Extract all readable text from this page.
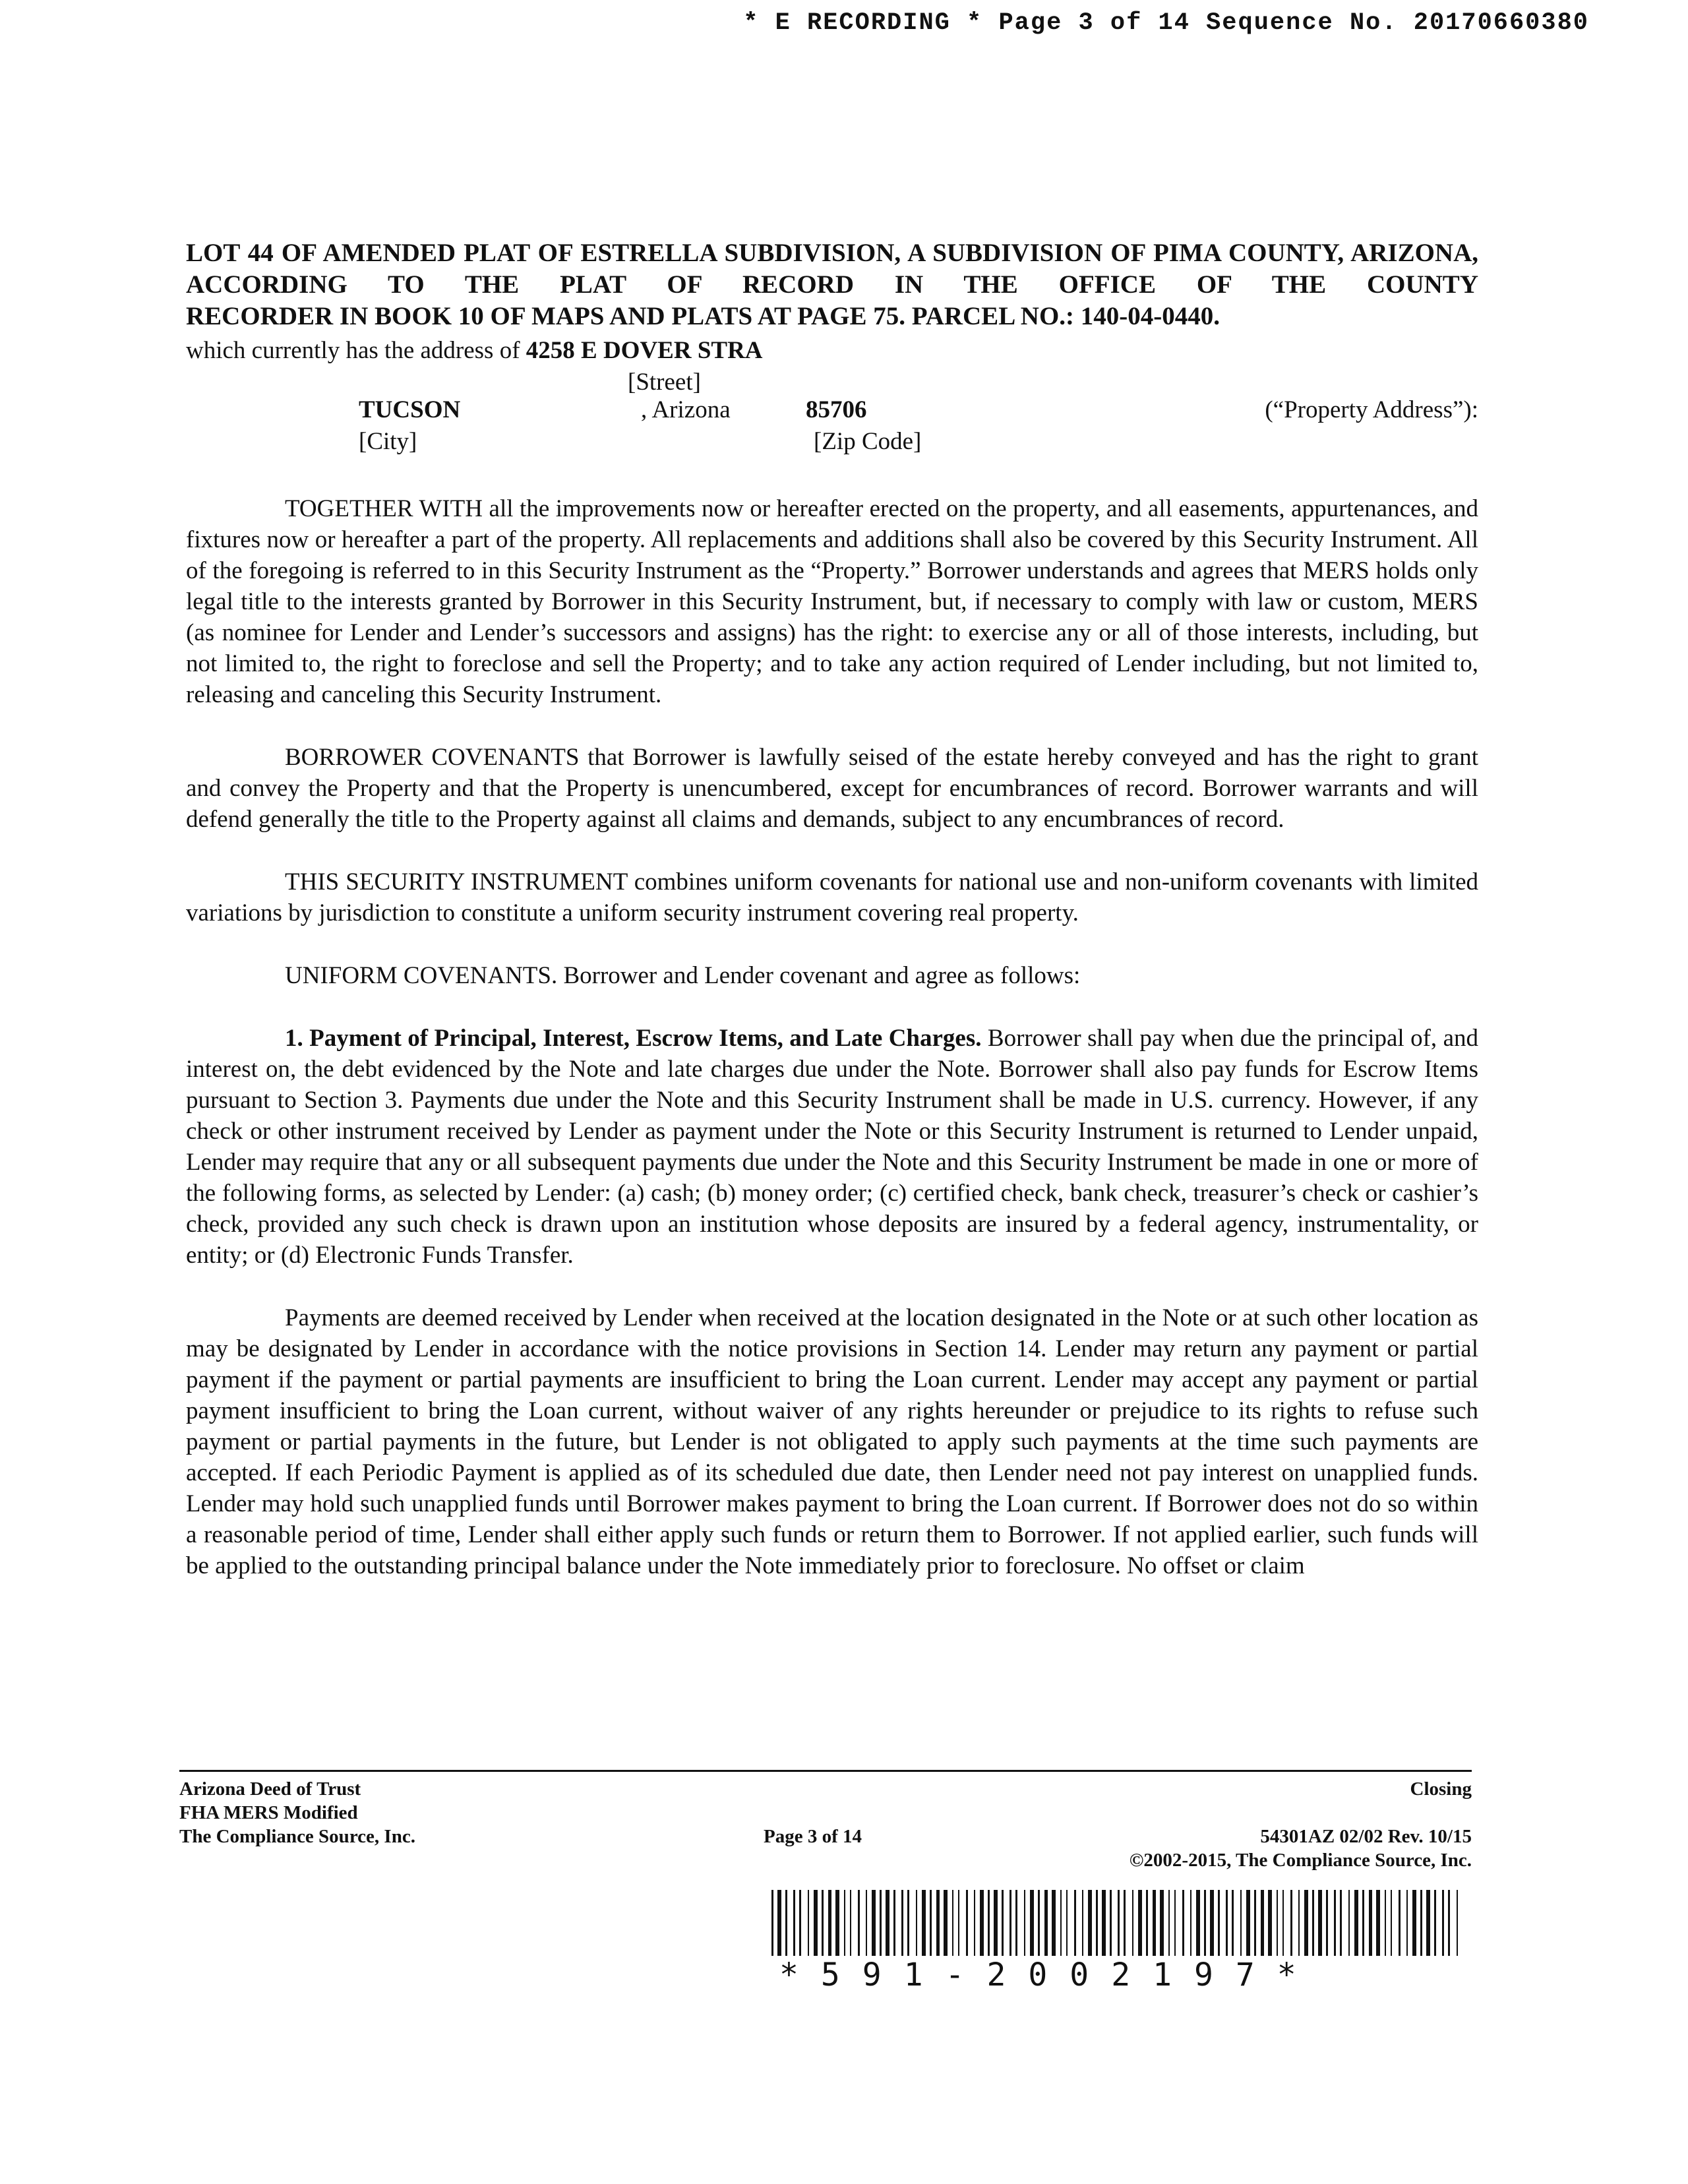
* E RECORDING * Page 3 of 14 Sequence No. 20170660380

LOT 44 OF AMENDED PLAT OF ESTRELLA SUBDIVISION, A SUBDIVISION OF PIMA COUNTY, ARIZONA, ACCORDING TO THE PLAT OF RECORD IN THE OFFICE OF THE COUNTY
RECORDER IN BOOK 10 OF MAPS AND PLATS AT PAGE 75. PARCEL NO.: 140-04-0440.

which currently has the address of 4258 E DOVER STRA
[Street]
TUCSON	, Arizona	85706	(“Property Address”):
[City]	[Zip Code]

TOGETHER WITH all the improvements now or hereafter erected on the property, and all easements, appurtenances, and fixtures now or hereafter a part of the property. All replacements and additions shall also be covered by this Security Instrument. All of the foregoing is referred to in this Security Instrument as the “Property.” Borrower understands and agrees that MERS holds only legal title to the interests granted by Borrower in this Security Instrument, but, if necessary to comply with law or custom, MERS (as nominee for Lender and Lender’s successors and assigns) has the right: to exercise any or all of those interests, including, but not limited to, the right to foreclose and sell the Property; and to take any action required of Lender including, but not limited to, releasing and canceling this Security Instrument.

BORROWER COVENANTS that Borrower is lawfully seised of the estate hereby conveyed and has the right to grant and convey the Property and that the Property is unencumbered, except for encumbrances of record. Borrower warrants and will defend generally the title to the Property against all claims and demands, subject to any encumbrances of record.

THIS SECURITY INSTRUMENT combines uniform covenants for national use and non-uniform covenants with limited variations by jurisdiction to constitute a uniform security instrument covering real property.

UNIFORM COVENANTS. Borrower and Lender covenant and agree as follows:

1. Payment of Principal, Interest, Escrow Items, and Late Charges. Borrower shall pay when due the principal of, and interest on, the debt evidenced by the Note and late charges due under the Note. Borrower shall also pay funds for Escrow Items pursuant to Section 3. Payments due under the Note and this Security Instrument shall be made in U.S. currency. However, if any check or other instrument received by Lender as payment under the Note or this Security Instrument is returned to Lender unpaid, Lender may require that any or all subsequent payments due under the Note and this Security Instrument be made in one or more of the following forms, as selected by Lender: (a) cash; (b) money order; (c) certified check, bank check, treasurer’s check or cashier’s check, provided any such check is drawn upon an institution whose deposits are insured by a federal agency, instrumentality, or entity; or (d) Electronic Funds Transfer.

Payments are deemed received by Lender when received at the location designated in the Note or at such other location as may be designated by Lender in accordance with the notice provisions in Section 14. Lender may return any payment or partial payment if the payment or partial payments are insufficient to bring the Loan current. Lender may accept any payment or partial payment insufficient to bring the Loan current, without waiver of any rights hereunder or prejudice to its rights to refuse such payment or partial payments in the future, but Lender is not obligated to apply such payments at the time such payments are accepted. If each Periodic Payment is applied as of its scheduled due date, then Lender need not pay interest on unapplied funds. Lender may hold such unapplied funds until Borrower makes payment to bring the Loan current. If Borrower does not do so within a reasonable period of time, Lender shall either apply such funds or return them to Borrower. If not applied earlier, such funds will be applied to the outstanding principal balance under the Note immediately prior to foreclosure. No offset or claim

Arizona Deed of Trust
FHA MERS Modified
The Compliance Source, Inc.	Page 3 of 14
Closing
54301AZ 02/02 Rev. 10/15
©2002-2015, The Compliance Source, Inc.
*591-2002197*
